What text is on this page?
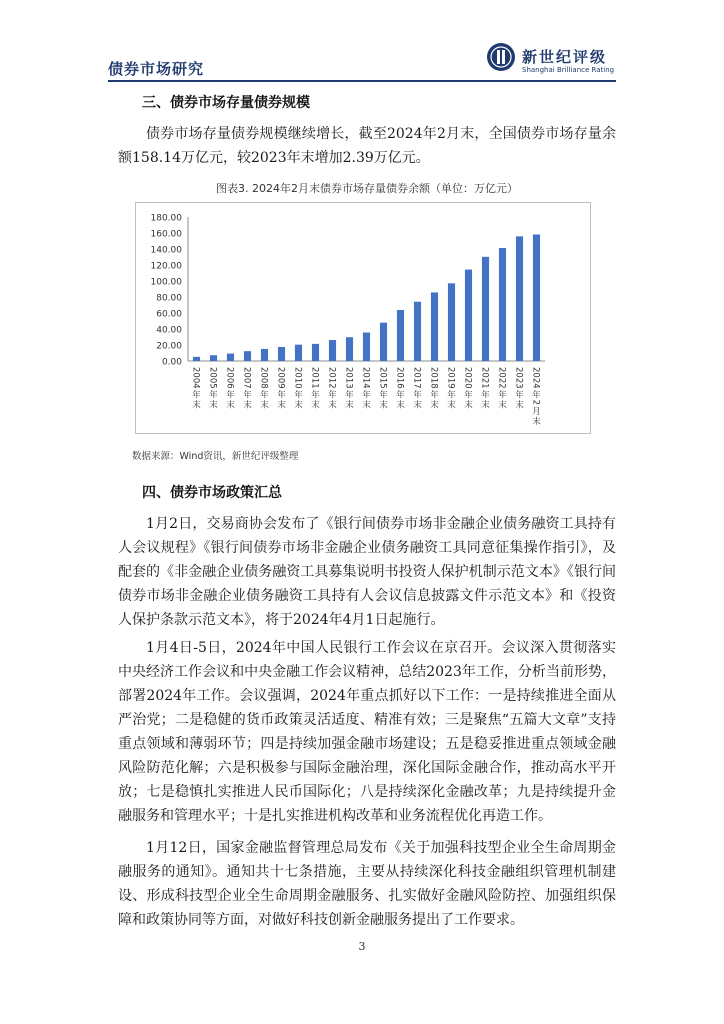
债券市场研究
新世纪评级
Shanghai Brilliance Rating
三、债券市场存量债券规模
债券市场存量债券规模继续增长，截至2024年2月末，全国债券市场存量余额158.14万亿元，较2023年末增加2.39万亿元。
图表3. 2024年2月末债券市场存量债券余额（单位：万亿元）
0.00
20.00
40.00
60.00
80.00
100.00
120.00
140.00
160.00
180.00
2004
年
末
2005
年
末
2006
年
末
2007
年
末
2008
年
末
2009
年
末
2010
年
末
2011
年
末
2012
年
末
2013
年
末
2014
年
末
2015
年
末
2016
年
末
2017
年
末
2018
年
末
2019
年
末
2020
年
末
2021
年
末
2022
年
末
2023
年
末
2024
年
2
月
末
数据来源：Wind资讯，新世纪评级整理
四、债券市场政策汇总
1月2日，交易商协会发布了《银行间债券市场非金融企业债务融资工具持有人会议规程》《银行间债券市场非金融企业债务融资工具同意征集操作指引》，及配套的《非金融企业债务融资工具募集说明书投资人保护机制示范文本》《银行间债券市场非金融企业债务融资工具持有人会议信息披露文件示范文本》和《投资人保护条款示范文本》，将于2024年4月1日起施行。
1月4日-5日，2024年中国人民银行工作会议在京召开。会议深入贯彻落实中央经济工作会议和中央金融工作会议精神，总结2023年工作，分析当前形势，部署2024年工作。会议强调，2024年重点抓好以下工作：一是持续推进全面从严治党；二是稳健的货币政策灵活适度、精准有效；三是聚焦“五篇大文章”支持重点领域和薄弱环节；四是持续加强金融市场建设；五是稳妥推进重点领域金融风险防范化解；六是积极参与国际金融治理，深化国际金融合作，推动高水平开放；七是稳慎扎实推进人民币国际化；八是持续深化金融改革；九是持续提升金融服务和管理水平；十是扎实推进机构改革和业务流程优化再造工作。
1月12日，国家金融监督管理总局发布《关于加强科技型企业全生命周期金融服务的通知》。通知共十七条措施，主要从持续深化科技金融组织管理机制建设、形成科技型企业全生命周期金融服务、扎实做好金融风险防控、加强组织保障和政策协同等方面，对做好科技创新金融服务提出了工作要求。
3
